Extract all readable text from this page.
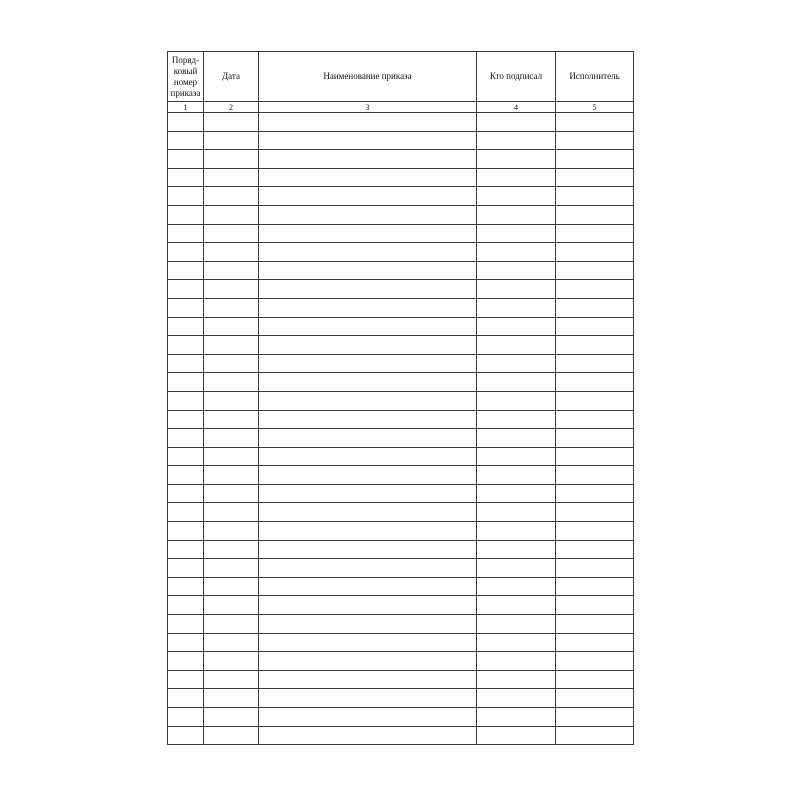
Поряд-ковый номер приказа	Дата	Наименование приказа	Кто подписал	Исполнитель
1	2	3	4	5
